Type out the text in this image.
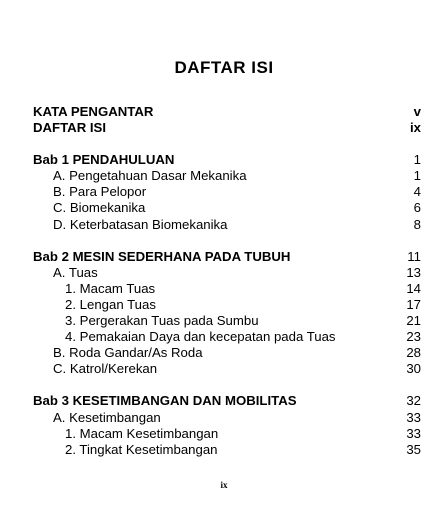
DAFTAR ISI
KATA PENGANTAR	v
DAFTAR ISI	ix
Bab 1 PENDAHULUAN	1
A. Pengetahuan Dasar Mekanika	1
B. Para Pelopor	4
C. Biomekanika	6
D. Keterbatasan Biomekanika	8
Bab 2 MESIN SEDERHANA PADA TUBUH	11
A. Tuas	13
1. Macam Tuas	14
2. Lengan Tuas	17
3. Pergerakan Tuas pada Sumbu	21
4. Pemakaian Daya dan kecepatan pada Tuas	23
B. Roda Gandar/As Roda	28
C. Katrol/Kerekan	30
Bab 3 KESETIMBANGAN DAN MOBILITAS	32
A. Kesetimbangan	33
1. Macam Kesetimbangan	33
2. Tingkat Kesetimbangan	35
ix
